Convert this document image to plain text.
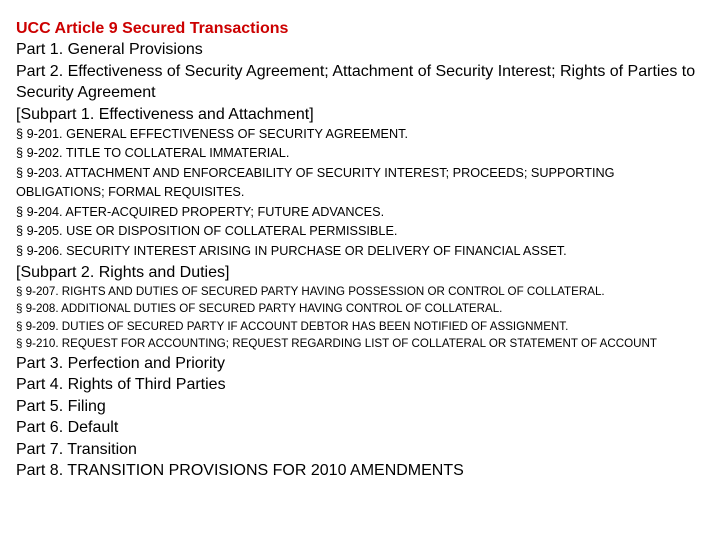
UCC Article 9 Secured Transactions

Part 1. General Provisions

Part 2. Effectiveness of Security Agreement; Attachment of Security Interest; Rights of Parties to Security Agreement

[Subpart 1. Effectiveness and Attachment]

§ 9-201. GENERAL EFFECTIVENESS OF SECURITY AGREEMENT.

§ 9-202. TITLE TO COLLATERAL IMMATERIAL.

§ 9-203. ATTACHMENT AND ENFORCEABILITY OF SECURITY INTEREST; PROCEEDS; SUPPORTING OBLIGATIONS; FORMAL REQUISITES.

§ 9-204. AFTER-ACQUIRED PROPERTY; FUTURE ADVANCES.

§ 9-205. USE OR DISPOSITION OF COLLATERAL PERMISSIBLE.

§ 9-206. SECURITY INTEREST ARISING IN PURCHASE OR DELIVERY OF FINANCIAL ASSET.

[Subpart 2. Rights and Duties]

§ 9-207. RIGHTS AND DUTIES OF SECURED PARTY HAVING POSSESSION OR CONTROL OF COLLATERAL.

§ 9-208. ADDITIONAL DUTIES OF SECURED PARTY HAVING CONTROL OF COLLATERAL.

§ 9-209. DUTIES OF SECURED PARTY IF ACCOUNT DEBTOR HAS BEEN NOTIFIED OF ASSIGNMENT.

§ 9-210. REQUEST FOR ACCOUNTING; REQUEST REGARDING LIST OF COLLATERAL OR STATEMENT OF ACCOUNT

Part 3. Perfection and Priority

Part 4. Rights of Third Parties

Part 5. Filing

Part 6. Default

Part 7. Transition

Part 8. TRANSITION PROVISIONS FOR 2010 AMENDMENTS
